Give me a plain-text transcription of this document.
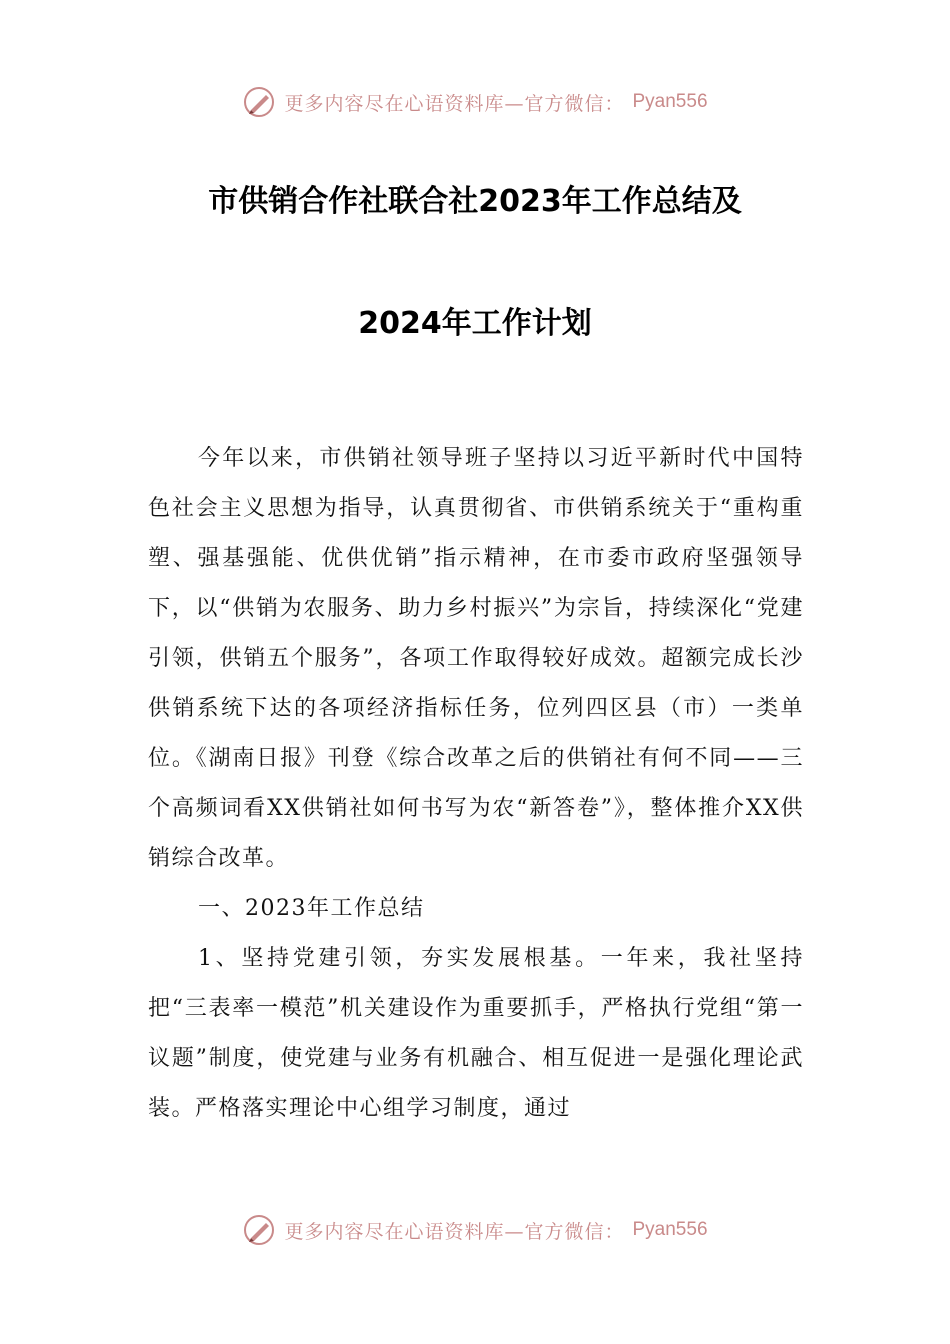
更多内容尽在心语资料库—官方微信： Pyan556
市供销合作社联合社2023年工作总结及
2024年工作计划

今年以来，市供销社领导班子坚持以习近平新时代中国特色社会主义思想为指导，认真贯彻省、市供销系统关于“重构重塑、强基强能、优供优销”指示精神，在市委市政府坚强领导下，以“供销为农服务、助力乡村振兴”为宗旨，持续深化“党建引领，供销五个服务”，各项工作取得较好成效。超额完成长沙供销系统下达的各项经济指标任务，位列四区县（市）一类单位。《湖南日报》刊登《综合改革之后的供销社有何不同——三个高频词看XX供销社如何书写为农“新答卷”》，整体推介XX供销综合改革。

一、2023年工作总结

1、坚持党建引领，夯实发展根基。一年来，我社坚持把“三表率一模范”机关建设作为重要抓手，严格执行党组“第一议题”制度，使党建与业务有机融合、相互促进一是强化理论武装。严格落实理论中心组学习制度，通过

更多内容尽在心语资料库—官方微信： Pyan556
